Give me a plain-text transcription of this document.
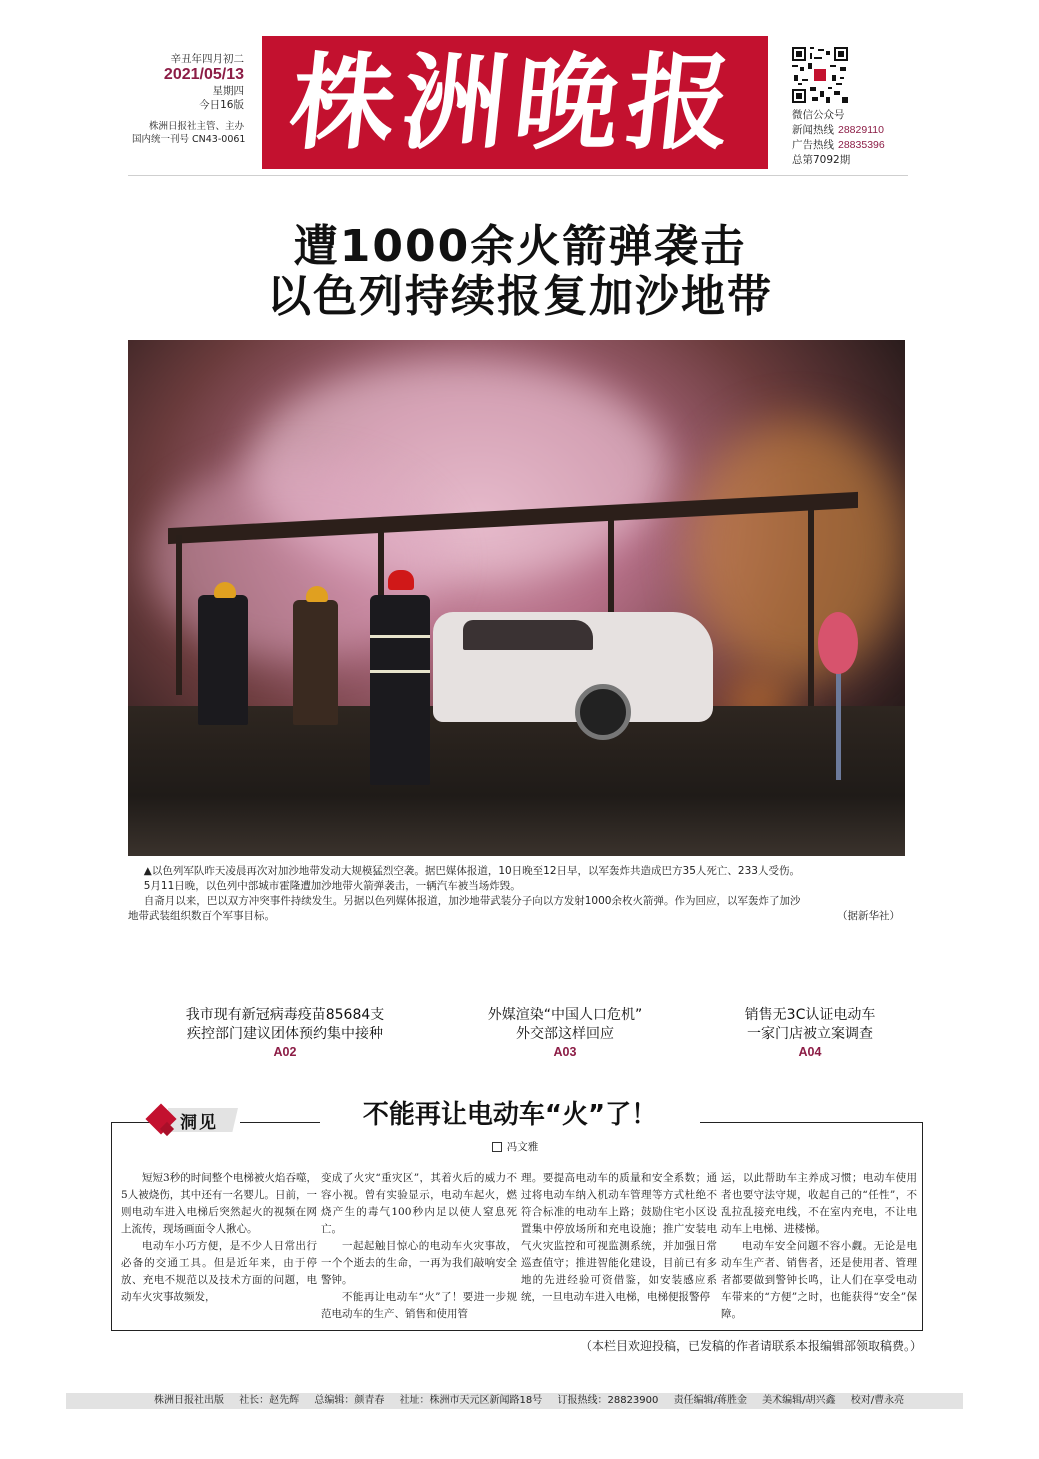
辛丑年四月初二
2021/05/13
星期四
今日16版
株洲日报社主管、主办
国内统一刊号 CN43-0061 株洲晚报	微信公众号
新闻热线 28829110
广告热线 28835396
总第7092期
遭1000余火箭弹袭击
以色列持续报复加沙地带

▲以色列军队昨天凌晨再次对加沙地带发动大规模猛烈空袭。据巴媒体报道，10日晚至12日早，以军轰炸共造成巴方35人死亡、233人受伤。

5月11日晚，以色列中部城市霍隆遭加沙地带火箭弹袭击，一辆汽车被当场炸毁。

自斋月以来，巴以双方冲突事件持续发生。另据以色列媒体报道，加沙地带武装分子向以方发射1000余枚火箭弹。作为回应，以军轰炸了加沙

地带武装组织数百个军事目标。	（据新华社）
我市现有新冠病毒疫苗85684支
疾控部门建议团体预约集中接种
A02
外媒渲染“中国人口危机”
外交部这样回应
A03
销售无3C认证电动车
一家门店被立案调查
A04
洞见	不能再让电动车“火”了！
冯文雅

短短3秒的时间整个电梯被火焰吞噬，5人被烧伤，其中还有一名婴儿。日前，一则电动车进入电梯后突然起火的视频在网上流传，现场画面令人揪心。

电动车小巧方便，是不少人日常出行必备的交通工具。但是近年来，由于停放、充电不规范以及技术方面的问题，电动车火灾事故频发，

变成了火灾“重灾区”，其着火后的威力不容小视。曾有实验显示，电动车起火，燃烧产生的毒气100秒内足以使人窒息死亡。

一起起触目惊心的电动车火灾事故，一个个逝去的生命，一再为我们敲响安全警钟。

不能再让电动车“火”了！要进一步规范电动车的生产、销售和使用管

理。要提高电动车的质量和安全系数；通过将电动车纳入机动车管理等方式杜绝不符合标准的电动车上路；鼓励住宅小区设置集中停放场所和充电设施；推广安装电气火灾监控和可视监测系统，并加强日常巡查值守；推进智能化建设，目前已有多地的先进经验可资借鉴，如安装感应系统，一旦电动车进入电梯，电梯便报警停

运，以此帮助车主养成习惯；电动车使用者也要守法守规，收起自己的“任性”，不乱拉乱接充电线，不在室内充电，不让电动车上电梯、进楼梯。

电动车安全问题不容小觑。无论是电动车生产者、销售者，还是使用者、管理者都要做到警钟长鸣，让人们在享受电动车带来的“方便”之时，也能获得“安全”保障。

（本栏目欢迎投稿，已发稿的作者请联系本报编辑部领取稿费。）
株洲日报社出版 社长：赵先辉 总编辑：颜青春 社址：株洲市天元区新闻路18号 订报热线：28823900 责任编辑/蒋胜金 美术编辑/胡兴鑫 校对/曹永亮
